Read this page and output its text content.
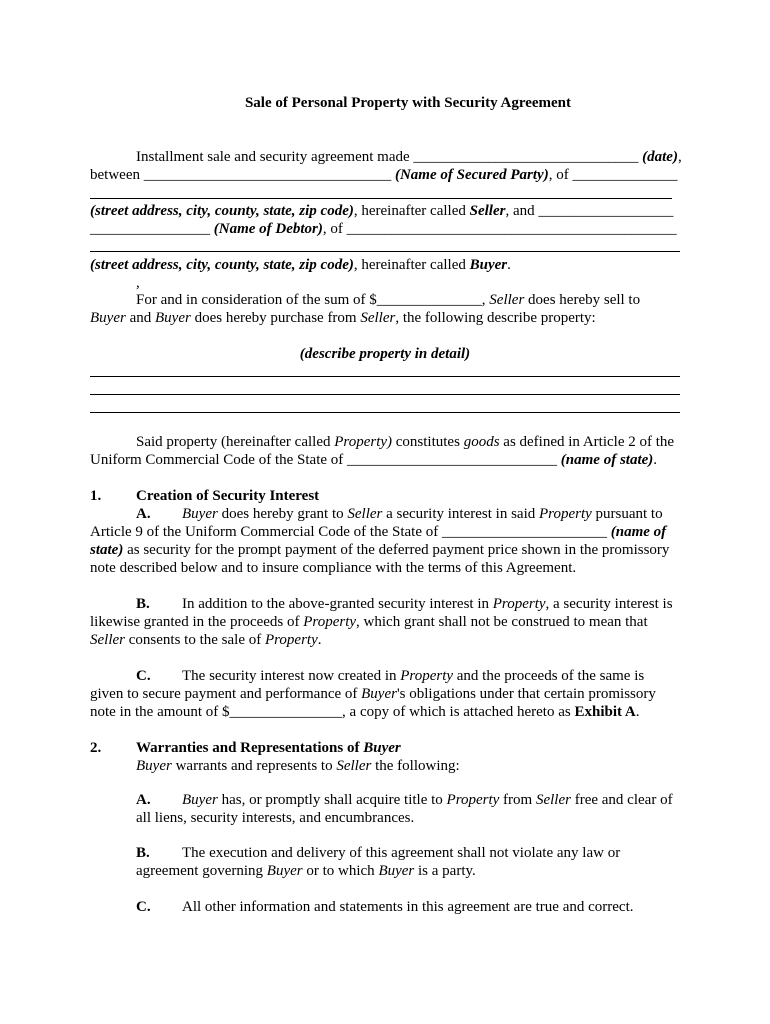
Sale of Personal Property with Security Agreement
Installment sale and security agreement made ______________________________ (date),
between _________________________________ (Name of Secured Party), of ______________
(street address, city, county, state, zip code), hereinafter called Seller, and __________________
________________ (Name of Debtor), of ____________________________________________
(street address, city, county, state, zip code), hereinafter called Buyer.
,
For and in consideration of the sum of $______________, Seller does hereby sell to
Buyer and Buyer does hereby purchase from Seller, the following describe property:
(describe property in detail)
Said property (hereinafter called Property) constitutes goods as defined in Article 2 of the
Uniform Commercial Code of the State of ____________________________ (name of state).
1. Creation of Security Interest
A. Buyer does hereby grant to Seller a security interest in said Property pursuant to
Article 9 of the Uniform Commercial Code of the State of ______________________ (name of
state) as security for the prompt payment of the deferred payment price shown in the promissory
note described below and to insure compliance with the terms of this Agreement.
B. In addition to the above-granted security interest in Property, a security interest is
likewise granted in the proceeds of Property, which grant shall not be construed to mean that
Seller consents to the sale of Property.
C. The security interest now created in Property and the proceeds of the same is
given to secure payment and performance of Buyer's obligations under that certain promissory
note in the amount of $_______________, a copy of which is attached hereto as Exhibit A.
2. Warranties and Representations of Buyer
Buyer warrants and represents to Seller the following:
A. Buyer has, or promptly shall acquire title to Property from Seller free and clear of
all liens, security interests, and encumbrances.
B. The execution and delivery of this agreement shall not violate any law or
agreement governing Buyer or to which Buyer is a party.
C. All other information and statements in this agreement are true and correct.
